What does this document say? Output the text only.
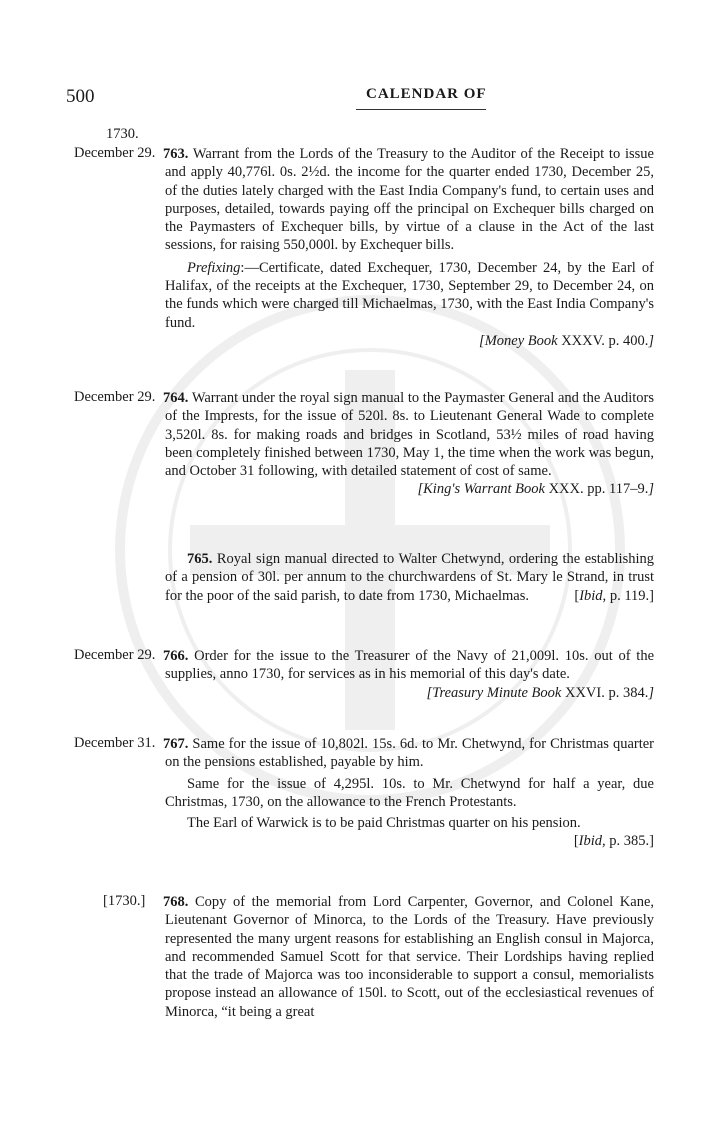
500	CALENDAR OF
1730.
December 29. 763. Warrant from the Lords of the Treasury to the Auditor of the Receipt to issue and apply 40,776l. 0s. 2½d. the income for the quarter ended 1730, December 25, of the duties lately charged with the East India Company's fund, to certain uses and purposes, detailed, towards paying off the principal on Exchequer bills charged on the Paymasters of Exchequer bills, by virtue of a clause in the Act of the last sessions, for raising 550,000l. by Exchequer bills.

Prefixing:—Certificate, dated Exchequer, 1730, December 24, by the Earl of Halifax, of the receipts at the Exchequer, 1730, September 29, to December 24, on the funds which were charged till Michaelmas, 1730, with the East India Company's fund.

[Money Book XXXV. p. 400.]
December 29. 764. Warrant under the royal sign manual to the Paymaster General and the Auditors of the Imprests, for the issue of 520l. 8s. to Lieutenant General Wade to complete 3,520l. 8s. for making roads and bridges in Scotland, 53½ miles of road having been completely finished between 1730, May 1, the time when the work was begun, and October 31 following, with detailed statement of cost of same.

[King's Warrant Book XXX. pp. 117–9.]

765. Royal sign manual directed to Walter Chetwynd, ordering the establishing of a pension of 30l. per annum to the churchwardens of St. Mary le Strand, in trust for the poor of the said parish, to date from 1730, Michaelmas.	[Ibid, p. 119.]

December 29. 766. Order for the issue to the Treasurer of the Navy of 21,009l. 10s. out of the supplies, anno 1730, for services as in his memorial of this day's date.

[Treasury Minute Book XXVI. p. 384.]
December 31. 767. Same for the issue of 10,802l. 15s. 6d. to Mr. Chetwynd, for Christmas quarter on the pensions established, payable by him.

Same for the issue of 4,295l. 10s. to Mr. Chetwynd for half a year, due Christmas, 1730, on the allowance to the French Protestants.

The Earl of Warwick is to be paid Christmas quarter on his pension.
[Ibid, p. 385.]

[1730.] 768. Copy of the memorial from Lord Carpenter, Governor, and Colonel Kane, Lieutenant Governor of Minorca, to the Lords of the Treasury. Have previously represented the many urgent reasons for establishing an English consul in Majorca, and recommended Samuel Scott for that service. Their Lordships having replied that the trade of Majorca was too inconsiderable to support a consul, memorialists propose instead an allowance of 150l. to Scott, out of the ecclesiastical revenues of Minorca, “it being a great
